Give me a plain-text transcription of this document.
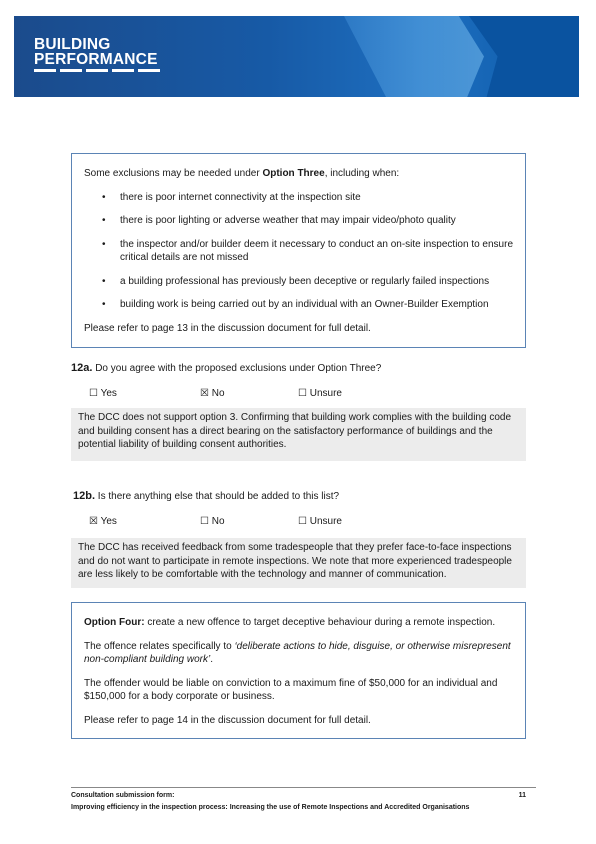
BUILDING
PERFORMANCE

Some exclusions may be needed under Option Three, including when:

• there is poor internet connectivity at the inspection site
• there is poor lighting or adverse weather that may impair video/photo quality
• the inspector and/or builder deem it necessary to conduct an on-site inspection to ensure critical details are not missed
• a building professional has previously been deceptive or regularly failed inspections
• building work is being carried out by an individual with an Owner-Builder Exemption

Please refer to page 13 in the discussion document for full detail.

12a. Do you agree with the proposed exclusions under Option Three?
☐ Yes	☒ No	☐ Unsure
The DCC does not support option 3. Confirming that building work complies with the building code and building consent has a direct bearing on the satisfactory performance of buildings and the potential liability of building consent authorities.
12b. Is there anything else that should be added to this list?
☒ Yes	☐ No	☐ Unsure
The DCC has received feedback from some tradespeople that they prefer face-to-face inspections and do not want to participate in remote inspections. We note that more experienced tradespeople are less likely to be comfortable with the technology and manner of communication.

Option Four: create a new offence to target deceptive behaviour during a remote inspection.

The offence relates specifically to ‘deliberate actions to hide, disguise, or otherwise misrepresent non-compliant building work’.

The offender would be liable on conviction to a maximum fine of $50,000 for an individual and $150,000 for a body corporate or business.

Please refer to page 14 in the discussion document for full detail.

Consultation submission form:
Improving efficiency in the inspection process: Increasing the use of Remote Inspections and Accredited Organisations
11
